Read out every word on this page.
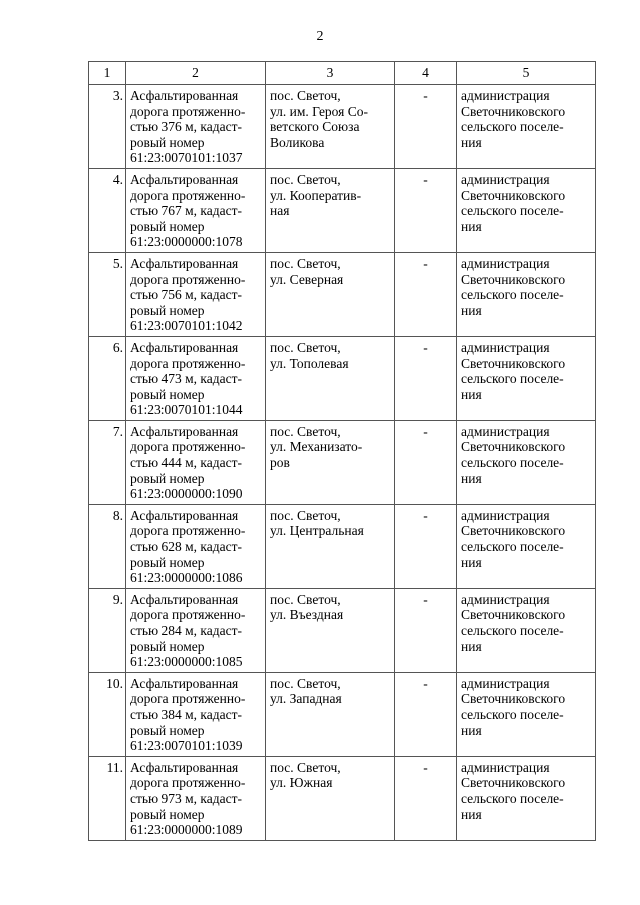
2
1	2	3	4	5
3.	Асфальтированная
дорога протяженно-
стью 376 м, кадаст-
ровый номер
61:23:0070101:1037	пос. Светоч,
ул. им. Героя Со-
ветского Союза
Воликова	-	администрация
Светочниковского
сельского поселе-
ния

4.	Асфальтированная
дорога протяженно-
стью 767 м, кадаст-
ровый номер
61:23:0000000:1078	пос. Светоч,
ул. Кооператив-
ная	-	администрация
Светочниковского
сельского поселе-
ния

5.	Асфальтированная
дорога протяженно-
стью 756 м, кадаст-
ровый номер
61:23:0070101:1042	пос. Светоч,
ул. Северная	-	администрация
Светочниковского
сельского поселе-
ния

6.	Асфальтированная
дорога протяженно-
стью 473 м, кадаст-
ровый номер
61:23:0070101:1044	пос. Светоч,
ул. Тополевая	-	администрация
Светочниковского
сельского поселе-
ния

7.	Асфальтированная
дорога протяженно-
стью 444 м, кадаст-
ровый номер
61:23:0000000:1090	пос. Светоч,
ул. Механизато-
ров	-	администрация
Светочниковского
сельского поселе-
ния

8.	Асфальтированная
дорога протяженно-
стью 628 м, кадаст-
ровый номер
61:23:0000000:1086	пос. Светоч,
ул. Центральная	-	администрация
Светочниковского
сельского поселе-
ния

9.	Асфальтированная
дорога протяженно-
стью 284 м, кадаст-
ровый номер
61:23:0000000:1085	пос. Светоч,
ул. Въездная	-	администрация
Светочниковского
сельского поселе-
ния

10.	Асфальтированная
дорога протяженно-
стью 384 м, кадаст-
ровый номер
61:23:0070101:1039	пос. Светоч,
ул. Западная	-	администрация
Светочниковского
сельского поселе-
ния

11.	Асфальтированная
дорога протяженно-
стью 973 м, кадаст-
ровый номер
61:23:0000000:1089	пос. Светоч,
ул. Южная	-	администрация
Светочниковского
сельского поселе-
ния
